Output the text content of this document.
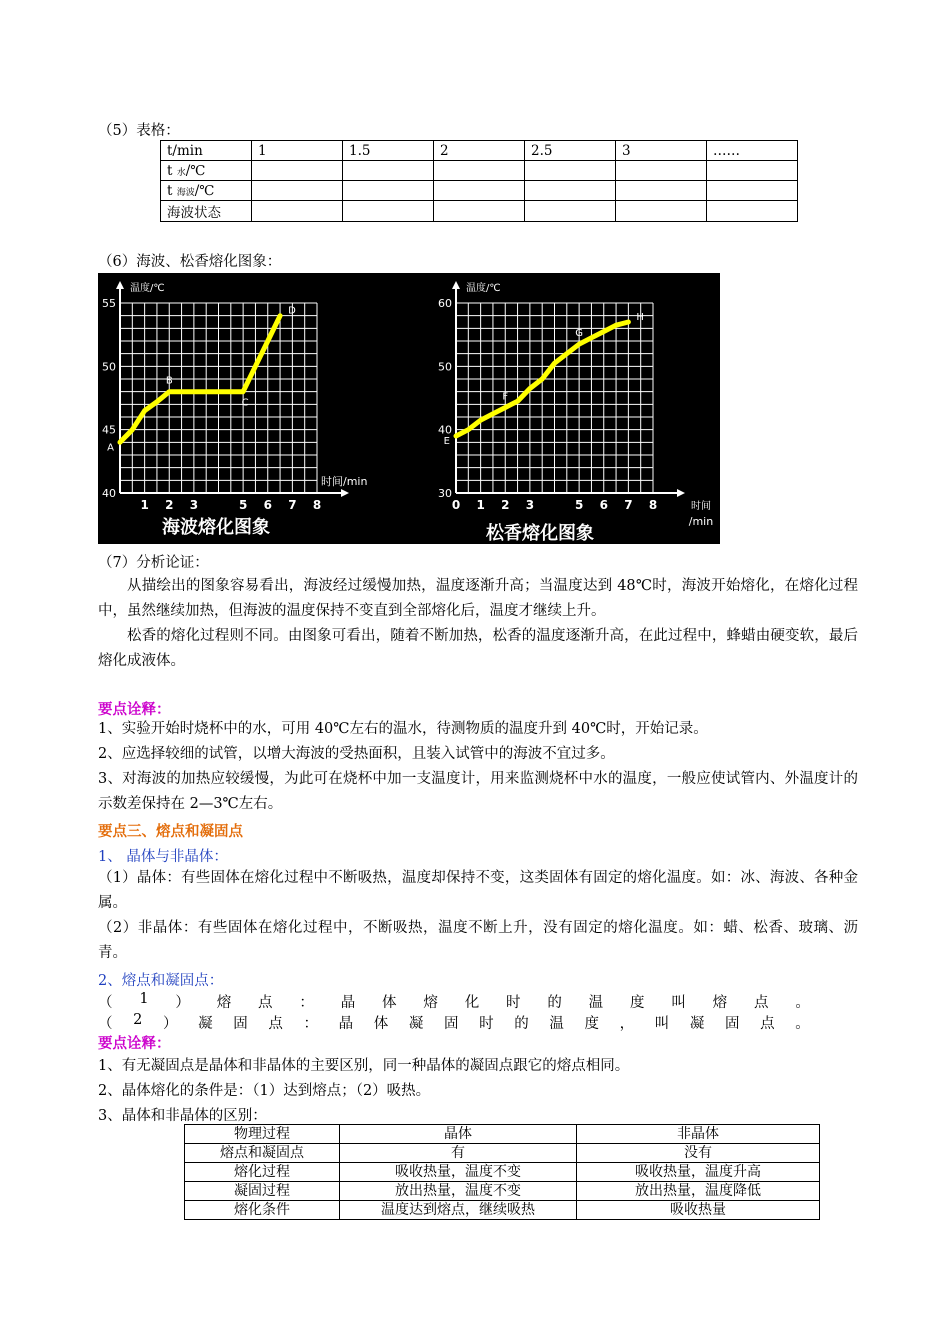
（5）表格：
t/min	1	1.5	2	2.5	3	……
t 水/℃						
t 海波/℃						
海波状态						
（6）海波、松香熔化图象：
40
45
50
55
1 2 3	5 6 7 8
温度/℃
时间/min
A
B
C
D
海波熔化图象
30
40
50
60
0 1 2 3	5 6 7 8
温度/℃
时间
/min
E
F
G
H
松香熔化图象
（7）分析论证：
从描绘出的图象容易看出，海波经过缓慢加热，温度逐渐升高；当温度达到 48℃时，海波开始熔化，在熔化过程中，虽然继续加热，但海波的温度保持不变直到全部熔化后，温度才继续上升。
松香的熔化过程则不同。由图象可看出，随着不断加热，松香的温度逐渐升高，在此过程中，蜂蜡由硬变软，最后熔化成液体。
要点诠释：
1、实验开始时烧杯中的水，可用 40℃左右的温水，待测物质的温度升到 40℃时，开始记录。
2、应选择较细的试管，以增大海波的受热面积，且装入试管中的海波不宜过多。
3、对海波的加热应较缓慢，为此可在烧杯中加一支温度计，用来监测烧杯中水的温度，一般应使试管内、外温度计的示数差保持在 2—3℃左右。
要点三、熔点和凝固点
1、 晶体与非晶体：
（1）晶体：有些固体在熔化过程中不断吸热，温度却保持不变，这类固体有固定的熔化温度。如：冰、海波、各种金属。
（2）非晶体：有些固体在熔化过程中，不断吸热，温度不断上升，没有固定的熔化温度。如：蜡、松香、玻璃、沥青。
2、熔点和凝固点：
（ 1 ） 熔 点 ： 晶 体 熔 化 时 的 温 度 叫 熔 点 。
（ 2 ） 凝 固 点 ： 晶 体 凝 固 时 的 温 度 ， 叫 凝 固 点 。
要点诠释：
1、有无凝固点是晶体和非晶体的主要区别，同一种晶体的凝固点跟它的熔点相同。
2、晶体熔化的条件是：（1）达到熔点；（2）吸热。
3、晶体和非晶体的区别：
物理过程	晶体	非晶体
熔点和凝固点	有	没有
熔化过程	吸收热量，温度不变	吸收热量，温度升高
凝固过程	放出热量，温度不变	放出热量，温度降低
熔化条件	温度达到熔点，继续吸热	吸收热量
